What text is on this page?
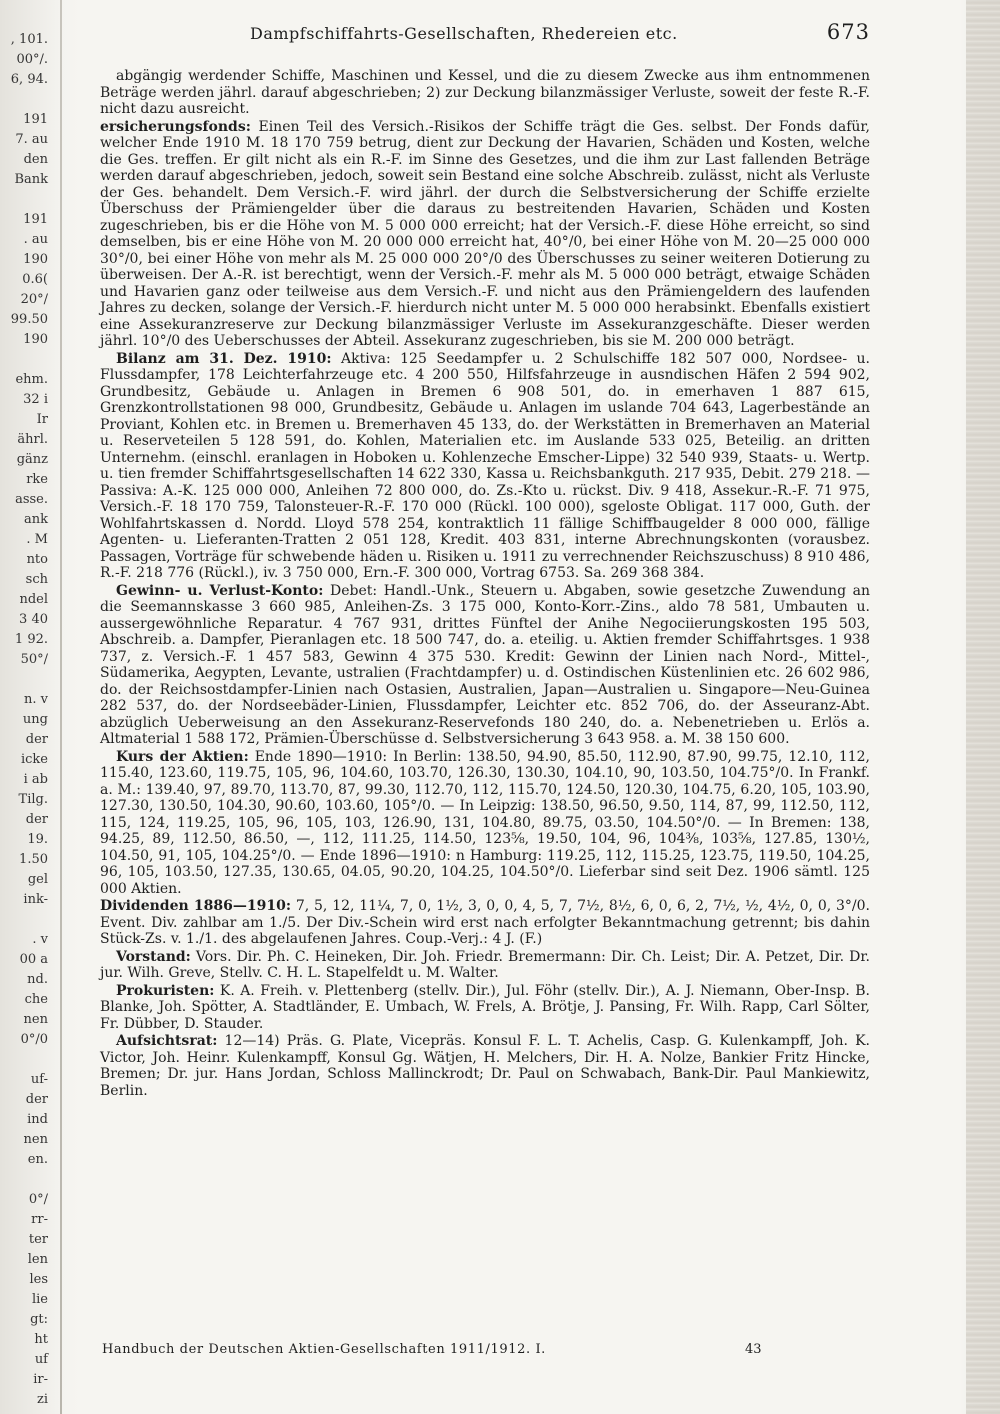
, 101.
00°/.
6, 94.

191
7. au
den
Bank

191
. au
190
0.6(
20°/
99.50
190

ehm.
32 i
Ir
ährl.
gänz
rke
asse.
ank
. M
nto
sch
ndel
3 40
1 92.
50°/

n. v
ung
der
icke
i ab
Tilg.
der
19.
1.50
gel
ink-

. v
00 a
nd.
che
nen
0°/0

uf-
der
ind
nen
en.

0°/
rr-
ter
len
les
lie
gt:
ht
uf
ir-
zi
Dampfschiffahrts-Gesellschaften, Rhedereien etc.	673

abgängig werdender Schiffe, Maschinen und Kessel, und die zu diesem Zwecke aus ihm entnommenen Beträge werden jährl. darauf abgeschrieben; 2) zur Deckung bilanzmässiger Verluste, soweit der feste R.-F. nicht dazu ausreicht.

ersicherungsfonds: Einen Teil des Versich.-Risikos der Schiffe trägt die Ges. selbst. Der Fonds dafür, welcher Ende 1910 M. 18 170 759 betrug, dient zur Deckung der Havarien, Schäden und Kosten, welche die Ges. treffen. Er gilt nicht als ein R.-F. im Sinne des Gesetzes, und die ihm zur Last fallenden Beträge werden darauf abgeschrieben, jedoch, soweit sein Bestand eine solche Abschreib. zulässt, nicht als Verluste der Ges. behandelt. Dem Versich.-F. wird jährl. der durch die Selbstversicherung der Schiffe erzielte Überschuss der Prämiengelder über die daraus zu bestreitenden Havarien, Schäden und Kosten zugeschrieben, bis er die Höhe von M. 5 000 000 erreicht; hat der Versich.-F. diese Höhe erreicht, so sind demselben, bis er eine Höhe von M. 20 000 000 erreicht hat, 40°/0, bei einer Höhe von M. 20—25 000 000 30°/0, bei einer Höhe von mehr als M. 25 000 000 20°/0 des Überschusses zu seiner weiteren Dotierung zu überweisen. Der A.-R. ist berechtigt, wenn der Versich.-F. mehr als M. 5 000 000 beträgt, etwaige Schäden und Havarien ganz oder teilweise aus dem Versich.-F. und nicht aus den Prämiengeldern des laufenden Jahres zu decken, solange der Versich.-F. hierdurch nicht unter M. 5 000 000 herabsinkt. Ebenfalls existiert eine Assekuranzreserve zur Deckung bilanzmässiger Verluste im Assekuranzgeschäfte. Dieser werden jährl. 10°/0 des Ueberschusses der Abteil. Assekuranz zugeschrieben, bis sie M. 200 000 beträgt.

Bilanz am 31. Dez. 1910: Aktiva: 125 Seedampfer u. 2 Schulschiffe 182 507 000, Nordsee- u. Flussdampfer, 178 Leichterfahrzeuge etc. 4 200 550, Hilfsfahrzeuge in ausndischen Häfen 2 594 902, Grundbesitz, Gebäude u. Anlagen in Bremen 6 908 501, do. in emerhaven 1 887 615, Grenzkontrollstationen 98 000, Grundbesitz, Gebäude u. Anlagen im uslande 704 643, Lagerbestände an Proviant, Kohlen etc. in Bremen u. Bremerhaven 45 133, do. der Werkstätten in Bremerhaven an Material u. Reserveteilen 5 128 591, do. Kohlen, Materialien etc. im Auslande 533 025, Beteilig. an dritten Unternehm. (einschl. eranlagen in Hoboken u. Kohlenzeche Emscher-Lippe) 32 540 939, Staats- u. Wertp. u. tien fremder Schiffahrtsgesellschaften 14 622 330, Kassa u. Reichsbankguth. 217 935, Debit. 279 218. — Passiva: A.-K. 125 000 000, Anleihen 72 800 000, do. Zs.-Kto u. rückst. Div. 9 418, Assekur.-R.-F. 71 975, Versich.-F. 18 170 759, Talonsteuer-R.-F. 170 000 (Rückl. 100 000), sgeloste Obligat. 117 000, Guth. der Wohlfahrtskassen d. Nordd. Lloyd 578 254, kontraktlich 11 fällige Schiffbaugelder 8 000 000, fällige Agenten- u. Lieferanten-Tratten 2 051 128, Kredit. 403 831, interne Abrechnungskonten (vorausbez. Passagen, Vorträge für schwebende häden u. Risiken u. 1911 zu verrechnender Reichszuschuss) 8 910 486, R.-F. 218 776 (Rückl.), iv. 3 750 000, Ern.-F. 300 000, Vortrag 6753. Sa. 269 368 384.

Gewinn- u. Verlust-Konto: Debet: Handl.-Unk., Steuern u. Abgaben, sowie gesetzche Zuwendung an die Seemannskasse 3 660 985, Anleihen-Zs. 3 175 000, Konto-Korr.-Zins., aldo 78 581, Umbauten u. aussergewöhnliche Reparatur. 4 767 931, drittes Fünftel der Anihe Negociierungskosten 195 503, Abschreib. a. Dampfer, Pieranlagen etc. 18 500 747, do. a. eteilig. u. Aktien fremder Schiffahrtsges. 1 938 737, z. Versich.-F. 1 457 583, Gewinn 4 375 530. Kredit: Gewinn der Linien nach Nord-, Mittel-, Südamerika, Aegypten, Levante, ustralien (Frachtdampfer) u. d. Ostindischen Küstenlinien etc. 26 602 986, do. der Reichsostdampfer-Linien nach Ostasien, Australien, Japan—Australien u. Singapore—Neu-Guinea 282 537, do. der Nordseebäder-Linien, Flussdampfer, Leichter etc. 852 706, do. der Asseuranz-Abt. abzüglich Ueberweisung an den Assekuranz-Reservefonds 180 240, do. a. Nebenetrieben u. Erlös a. Altmaterial 1 588 172, Prämien-Überschüsse d. Selbstversicherung 3 643 958. a. M. 38 150 600.

Kurs der Aktien: Ende 1890—1910: In Berlin: 138.50, 94.90, 85.50, 112.90, 87.90, 99.75, 12.10, 112, 115.40, 123.60, 119.75, 105, 96, 104.60, 103.70, 126.30, 130.30, 104.10, 90, 103.50, 104.75°/0. In Frankf. a. M.: 139.40, 97, 89.70, 113.70, 87, 99.30, 112.70, 112, 115.70, 124.50, 120.30, 104.75, 6.20, 105, 103.90, 127.30, 130.50, 104.30, 90.60, 103.60, 105°/0. — In Leipzig: 138.50, 96.50, 9.50, 114, 87, 99, 112.50, 112, 115, 124, 119.25, 105, 96, 105, 103, 126.90, 131, 104.80, 89.75, 03.50, 104.50°/0. — In Bremen: 138, 94.25, 89, 112.50, 86.50, —, 112, 111.25, 114.50, 123⅝, 19.50, 104, 96, 104⅜, 103⅝, 127.85, 130½, 104.50, 91, 105, 104.25°/0. — Ende 1896—1910: n Hamburg: 119.25, 112, 115.25, 123.75, 119.50, 104.25, 96, 105, 103.50, 127.35, 130.65, 04.05, 90.20, 104.25, 104.50°/0. Lieferbar sind seit Dez. 1906 sämtl. 125 000 Aktien.

Dividenden 1886—1910: 7, 5, 12, 11¼, 7, 0, 1½, 3, 0, 0, 4, 5, 7, 7½, 8½, 6, 0, 6, 2, 7½, ½, 4½, 0, 0, 3°/0. Event. Div. zahlbar am 1./5. Der Div.-Schein wird erst nach erfolgter Bekanntmachung getrennt; bis dahin Stück-Zs. v. 1./1. des abgelaufenen Jahres. Coup.-Verj.: 4 J. (F.)

Vorstand: Vors. Dir. Ph. C. Heineken, Dir. Joh. Friedr. Bremermann: Dir. Ch. Leist; Dir. A. Petzet, Dir. Dr. jur. Wilh. Greve, Stellv. C. H. L. Stapelfeldt u. M. Walter.

Prokuristen: K. A. Freih. v. Plettenberg (stellv. Dir.), Jul. Föhr (stellv. Dir.), A. J. Niemann, Ober-Insp. B. Blanke, Joh. Spötter, A. Stadtländer, E. Umbach, W. Frels, A. Brötje, J. Pansing, Fr. Wilh. Rapp, Carl Sölter, Fr. Dübber, D. Stauder.

Aufsichtsrat: 12—14) Präs. G. Plate, Vicepräs. Konsul F. L. T. Achelis, Casp. G. Kulenkampff, Joh. K. Victor, Joh. Heinr. Kulenkampff, Konsul Gg. Wätjen, H. Melchers, Dir. H. A. Nolze, Bankier Fritz Hincke, Bremen; Dr. jur. Hans Jordan, Schloss Mallinckrodt; Dr. Paul on Schwabach, Bank-Dir. Paul Mankiewitz, Berlin.

Handbuch der Deutschen Aktien-Gesellschaften 1911/1912. I.	43
